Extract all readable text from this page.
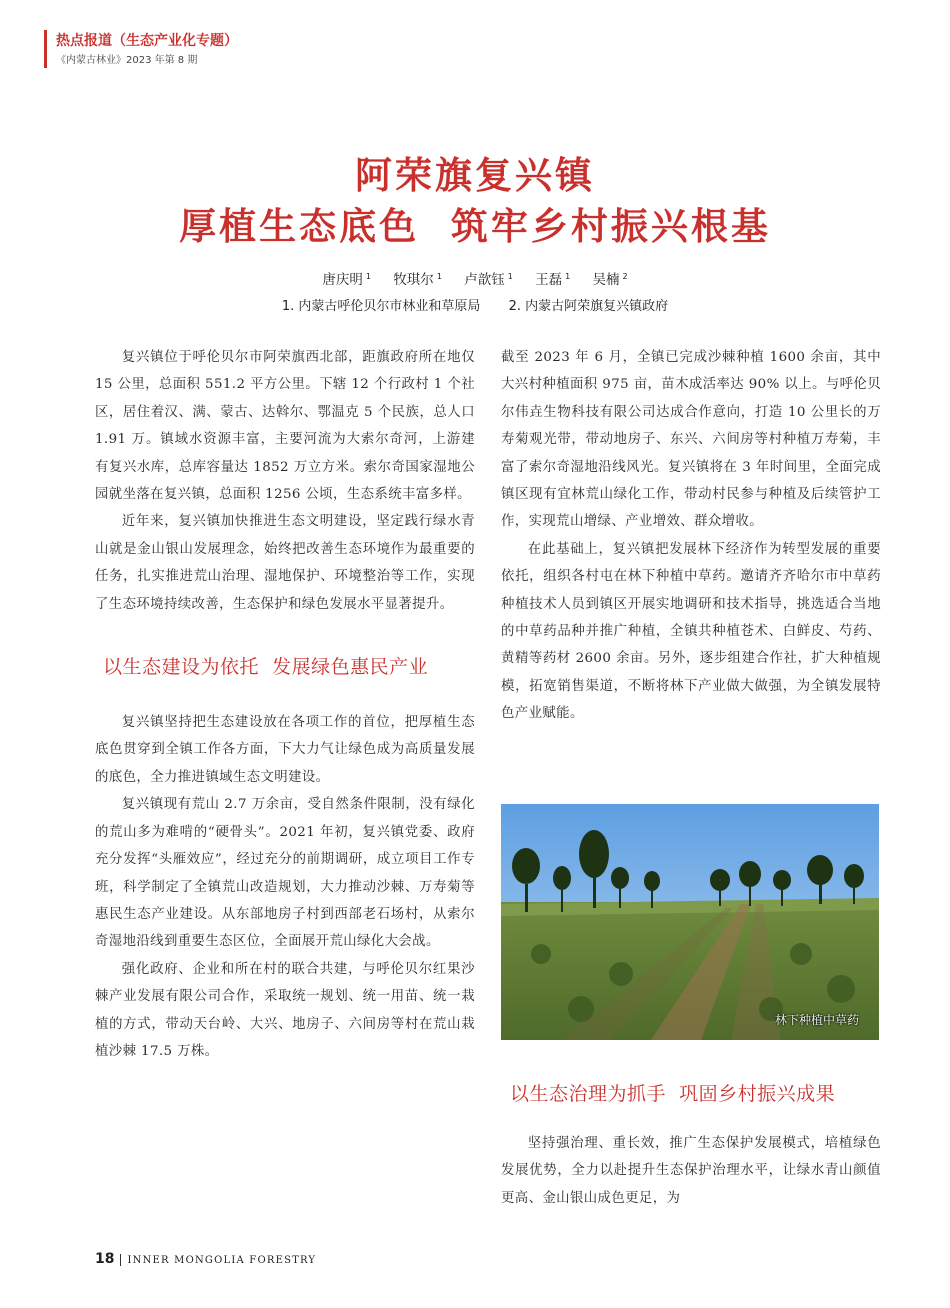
热点报道（生态产业化专题）
《内蒙古林业》2023 年第 8 期
阿荣旗复兴镇
厚植生态底色  筑牢乡村振兴根基
唐庆明 $^1$ 牧琪尔 $^1$ 卢歆钰 $^1$ 王磊 $^1$ 吴楠 $^2$
1. 内蒙古呼伦贝尔市林业和草原局 2. 内蒙古阿荣旗复兴镇政府

复兴镇位于呼伦贝尔市阿荣旗西北部，距旗政府所在地仅 15 公里，总面积 551.2 平方公里。下辖 12 个行政村 1 个社区，居住着汉、满、蒙古、达斡尔、鄂温克 5 个民族，总人口 1.91 万。镇域水资源丰富，主要河流为大索尔奇河，上游建有复兴水库，总库容量达 1852 万立方米。索尔奇国家湿地公园就坐落在复兴镇，总面积 1256 公顷，生态系统丰富多样。

近年来，复兴镇加快推进生态文明建设，坚定践行绿水青山就是金山银山发展理念，始终把改善生态环境作为最重要的任务，扎实推进荒山治理、湿地保护、环境整治等工作，实现了生态环境持续改善，生态保护和绿色发展水平显著提升。

以生态建设为依托  发展绿色惠民产业

复兴镇坚持把生态建设放在各项工作的首位，把厚植生态底色贯穿到全镇工作各方面，下大力气让绿色成为高质量发展的底色，全力推进镇域生态文明建设。

复兴镇现有荒山 2.7 万余亩，受自然条件限制，没有绿化的荒山多为难啃的“硬骨头”。2021 年初，复兴镇党委、政府充分发挥“头雁效应”，经过充分的前期调研，成立项目工作专班，科学制定了全镇荒山改造规划，大力推动沙棘、万寿菊等惠民生态产业建设。从东部地房子村到西部老石场村，从索尔奇湿地沿线到重要生态区位，全面展开荒山绿化大会战。

强化政府、企业和所在村的联合共建，与呼伦贝尔红果沙棘产业发展有限公司合作，采取统一规划、统一用苗、统一栽植的方式，带动天台岭、大兴、地房子、六间房等村在荒山栽植沙棘 17.5 万株。

截至 2023 年 6 月，全镇已完成沙棘种植 1600 余亩，其中大兴村种植面积 975 亩，苗木成活率达 90% 以上。与呼伦贝尔伟垚生物科技有限公司达成合作意向，打造 10 公里长的万寿菊观光带，带动地房子、东兴、六间房等村种植万寿菊，丰富了索尔奇湿地沿线风光。复兴镇将在 3 年时间里，全面完成镇区现有宜林荒山绿化工作，带动村民参与种植及后续管护工作，实现荒山增绿、产业增效、群众增收。

在此基础上，复兴镇把发展林下经济作为转型发展的重要依托，组织各村屯在林下种植中草药。邀请齐齐哈尔市中草药种植技术人员到镇区开展实地调研和技术指导，挑选适合当地的中草药品种并推广种植，全镇共种植苍术、白鲜皮、芍药、黄精等药材 2600 余亩。另外，逐步组建合作社，扩大种植规模，拓宽销售渠道，不断将林下产业做大做强，为全镇发展特色产业赋能。

林下种植中草药
以生态治理为抓手  巩固乡村振兴成果

坚持强治理、重长效，推广生态保护发展模式，培植绿色发展优势，全力以赴提升生态保护治理水平，让绿水青山颜值更高、金山银山成色更足，为

18 INNER MONGOLIA FORESTRY
